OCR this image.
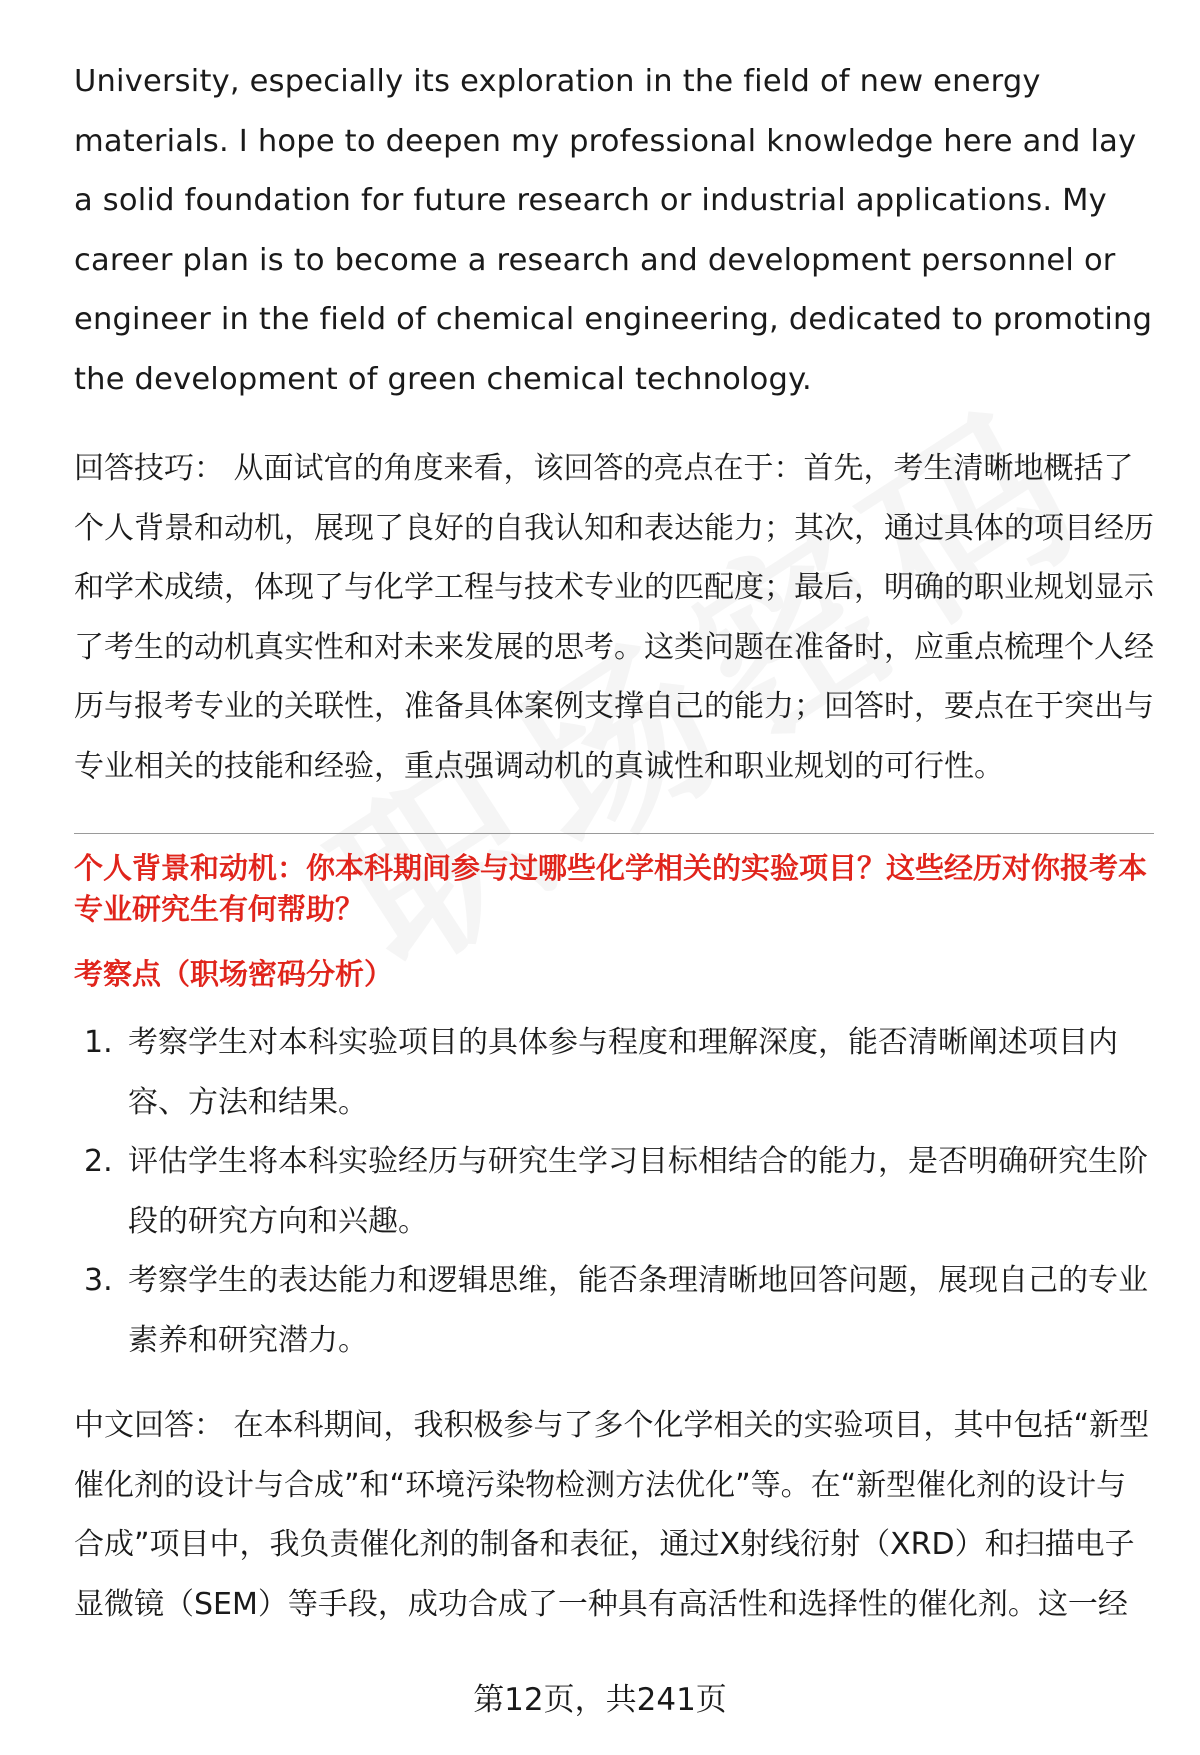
University, especially its exploration in the field of new energy materials. I hope to deepen my professional knowledge here and lay a solid foundation for future research or industrial applications. My career plan is to become a research and development personnel or engineer in the field of chemical engineering, dedicated to promoting the development of green chemical technology.

回答技巧： 从面试官的角度来看，该回答的亮点在于：首先，考生清晰地概括了个人背景和动机，展现了良好的自我认知和表达能力；其次，通过具体的项目经历和学术成绩，体现了与化学工程与技术专业的匹配度；最后，明确的职业规划显示了考生的动机真实性和对未来发展的思考。这类问题在准备时，应重点梳理个人经历与报考专业的关联性，准备具体案例支撑自己的能力；回答时，要点在于突出与专业相关的技能和经验，重点强调动机的真诚性和职业规划的可行性。

个人背景和动机：你本科期间参与过哪些化学相关的实验项目？这些经历对你报考本专业研究生有何帮助？

考察点（职场密码分析）

1. 考察学生对本科实验项目的具体参与程度和理解深度，能否清晰阐述项目内容、方法和结果。
2. 评估学生将本科实验经历与研究生学习目标相结合的能力，是否明确研究生阶段的研究方向和兴趣。
3. 考察学生的表达能力和逻辑思维，能否条理清晰地回答问题，展现自己的专业素养和研究潜力。

中文回答： 在本科期间，我积极参与了多个化学相关的实验项目，其中包括“新型催化剂的设计与合成”和“环境污染物检测方法优化”等。在“新型催化剂的设计与合成”项目中，我负责催化剂的制备和表征，通过X射线衍射（XRD）和扫描电子显微镜（SEM）等手段，成功合成了一种具有高活性和选择性的催化剂。这一经

第12页，共241页
